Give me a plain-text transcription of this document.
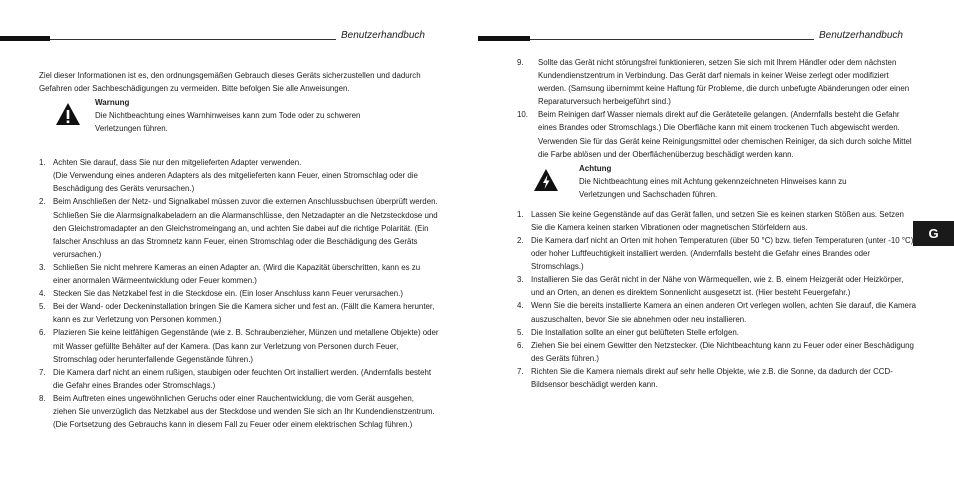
Benutzerhandbuch

Ziel dieser Informationen ist es, den ordnungsgemäßen Gebrauch dieses Geräts sicherzustellen und dadurch Gefahren oder Sachbeschädigungen zu vermeiden. Bitte befolgen Sie alle Anweisungen.

Warnung
Die Nichtbeachtung eines Warnhinweises kann zum Tode oder zu schweren Verletzungen führen.
1. Achten Sie darauf, dass Sie nur den mitgelieferten Adapter verwenden.
(Die Verwendung eines anderen Adapters als des mitgelieferten kann Feuer, einen Stromschlag oder die Beschädigung des Geräts verursachen.)
2. Beim Anschließen der Netz- und Signalkabel müssen zuvor die externen Anschlussbuchsen überprüft werden. Schließen Sie die Alarmsignalkabeladern an die Alarmanschlüsse, den Netzadapter an die Netzsteckdose und den Gleichstromadapter an den Gleichstromeingang an, und achten Sie dabei auf die richtige Polarität. (Ein falscher Anschluss an das Stromnetz kann Feuer, einen Stromschlag oder die Beschädigung des Geräts verursachen.)
3. Schließen Sie nicht mehrere Kameras an einen Adapter an. (Wird die Kapazität überschritten, kann es zu einer anormalen Wärmeentwicklung oder Feuer kommen.)
4. Stecken Sie das Netzkabel fest in die Steckdose ein. (Ein loser Anschluss kann Feuer verursachen.)
5. Bei der Wand- oder Deckeninstallation bringen Sie die Kamera sicher und fest an. (Fällt die Kamera herunter, kann es zur Verletzung von Personen kommen.)
6. Plazieren Sie keine leitfähigen Gegenstände (wie z. B. Schraubenzieher, Münzen und metallene Objekte) oder mit Wasser gefüllte Behälter auf der Kamera. (Das kann zur Verletzung von Personen durch Feuer, Stromschlag oder herunterfallende Gegenstände führen.)
7. Die Kamera darf nicht an einem rußigen, staubigen oder feuchten Ort installiert werden. (Andernfalls besteht die Gefahr eines Brandes oder Stromschlags.)
8. Beim Auftreten eines ungewöhnlichen Geruchs oder einer Rauchentwicklung, die vom Gerät ausgehen, ziehen Sie unverzüglich das Netzkabel aus der Steckdose und wenden Sie sich an Ihr Kundendienstzentrum. (Die Fortsetzung des Gebrauchs kann in diesem Fall zu Feuer oder einem elektrischen Schlag führen.)
Benutzerhandbuch
9. Sollte das Gerät nicht störungsfrei funktionieren, setzen Sie sich mit Ihrem Händler oder dem nächsten Kundendienstzentrum in Verbindung. Das Gerät darf niemals in keiner Weise zerlegt oder modifiziert werden. (Samsung übernimmt keine Haftung für Probleme, die durch unbefugte Abänderungen oder einen Reparaturversuch herbeigeführt sind.)
10. Beim Reinigen darf Wasser niemals direkt auf die Geräteteile gelangen. (Andernfalls besteht die Gefahr eines Brandes oder Stromschlags.) Die Oberfläche kann mit einem trockenen Tuch abgewischt werden. Verwenden Sie für das Gerät keine Reinigungsmittel oder chemischen Reiniger, da sich durch solche Mittel die Farbe ablösen und der Oberflächenüberzug beschädigt werden kann.
Achtung
Die Nichtbeachtung eines mit Achtung gekennzeichneten Hinweises kann zu Verletzungen und Sachschaden führen.
1. Lassen Sie keine Gegenstände auf das Gerät fallen, und setzen Sie es keinen starken Stößen aus. Setzen Sie die Kamera keinen starken Vibrationen oder magnetischen Störfeldern aus.
2. Die Kamera darf nicht an Orten mit hohen Temperaturen (über 50 °C) bzw. tiefen Temperaturen (unter -10 °C) oder hoher Luftfeuchtigkeit installiert werden. (Andernfalls besteht die Gefahr eines Brandes oder Stromschlags.)
3. Installieren Sie das Gerät nicht in der Nähe von Wärmequellen, wie z. B. einem Heizgerät oder Heizkörper, und an Orten, an denen es direktem Sonnenlicht ausgesetzt ist. (Hier besteht Feuergefahr.)
4. Wenn Sie die bereits installierte Kamera an einen anderen Ort verlegen wollen, achten Sie darauf, die Kamera auszuschalten, bevor Sie sie abnehmen oder neu installieren.
5. Die Installation sollte an einer gut belüfteten Stelle erfolgen.
6. Ziehen Sie bei einem Gewitter den Netzstecker. (Die Nichtbeachtung kann zu Feuer oder einer Beschädigung des Geräts führen.)
7. Richten Sie die Kamera niemals direkt auf sehr helle Objekte, wie z.B. die Sonne, da dadurch der CCD-Bildsensor beschädigt werden kann.
G
